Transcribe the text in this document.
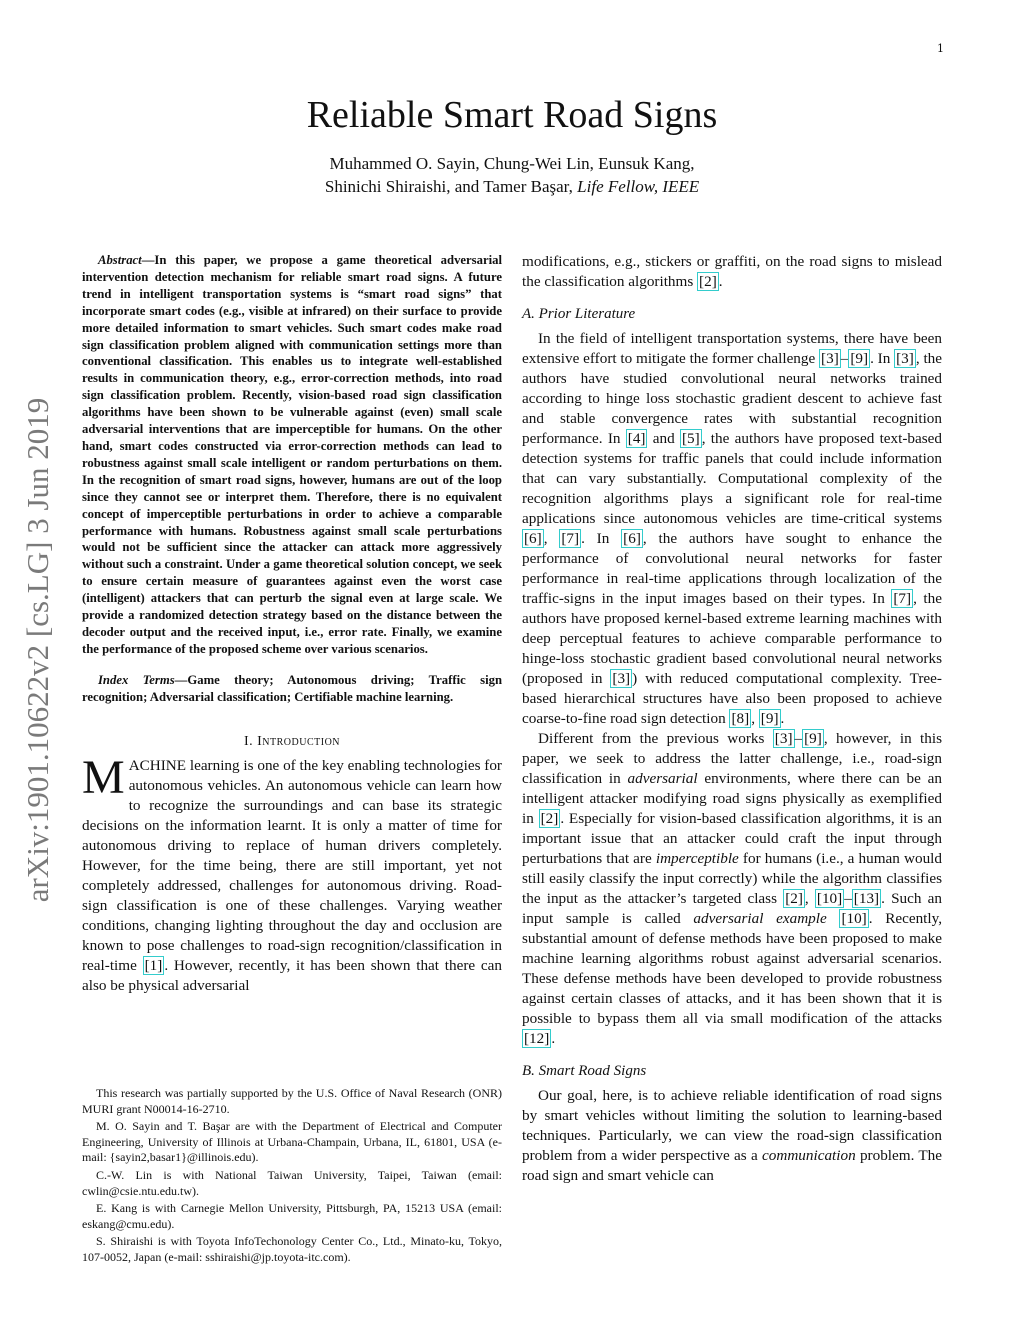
1
arXiv:1901.10622v2 [cs.LG] 3 Jun 2019
Reliable Smart Road Signs
Muhammed O. Sayin, Chung-Wei Lin, Eunsuk Kang,
Shinichi Shiraishi, and Tamer Başar, Life Fellow, IEEE

Abstract—In this paper, we propose a game theoretical adversarial intervention detection mechanism for reliable smart road signs. A future trend in intelligent transportation systems is “smart road signs” that incorporate smart codes (e.g., visible at infrared) on their surface to provide more detailed information to smart vehicles. Such smart codes make road sign classification problem aligned with communication settings more than conventional classification. This enables us to integrate well-established results in communication theory, e.g., error-correction methods, into road sign classification problem. Recently, vision-based road sign classification algorithms have been shown to be vulnerable against (even) small scale adversarial interventions that are imperceptible for humans. On the other hand, smart codes constructed via error-correction methods can lead to robustness against small scale intelligent or random perturbations on them. In the recognition of smart road signs, however, humans are out of the loop since they cannot see or interpret them. Therefore, there is no equivalent concept of imperceptible perturbations in order to achieve a comparable performance with humans. Robustness against small scale perturbations would not be sufficient since the attacker can attack more aggressively without such a constraint. Under a game theoretical solution concept, we seek to ensure certain measure of guarantees against even the worst case (intelligent) attackers that can perturb the signal even at large scale. We provide a randomized detection strategy based on the distance between the decoder output and the received input, i.e., error rate. Finally, we examine the performance of the proposed scheme over various scenarios.

Index Terms—Game theory; Autonomous driving; Traffic sign recognition; Adversarial classification; Certifiable machine learning.

I. Introduction

MACHINE learning is one of the key enabling technologies for autonomous vehicles. An autonomous vehicle can learn how to recognize the surroundings and can base its strategic decisions on the information learnt. It is only a matter of time for autonomous driving to replace of human drivers completely. However, for the time being, there are still important, yet not completely addressed, challenges for autonomous driving. Road-sign classification is one of these challenges. Varying weather conditions, changing lighting throughout the day and occlusion are known to pose challenges to road-sign recognition/classification in real-time [1] . However, recently, it has been shown that there can also be physical adversarial

This research was partially supported by the U.S. Office of Naval Research (ONR) MURI grant N00014-16-2710.

M. O. Sayin and T. Başar are with the Department of Electrical and Computer Engineering, University of Illinois at Urbana-Champain, Urbana, IL, 61801, USA (e-mail: {sayin2,basar1}@illinois.edu).

C.-W. Lin is with National Taiwan University, Taipei, Taiwan (email: cwlin@csie.ntu.edu.tw).

E. Kang is with Carnegie Mellon University, Pittsburgh, PA, 15213 USA (email: eskang@cmu.edu).

S. Shiraishi is with Toyota InfoTechonology Center Co., Ltd., Minato-ku, Tokyo, 107-0052, Japan (e-mail: sshiraishi@jp.toyota-itc.com).

modifications, e.g., stickers or graffiti, on the road signs to mislead the classification algorithms [2] .

A. Prior Literature

In the field of intelligent transportation systems, there have been extensive effort to mitigate the former challenge [3] – [9] . In [3] , the authors have studied convolutional neural networks trained according to hinge loss stochastic gradient descent to achieve fast and stable convergence rates with substantial recognition performance. In [4] and [5] , the authors have proposed text-based detection systems for traffic panels that could include information that can vary substantially. Computational complexity of the recognition algorithms plays a significant role for real-time applications since autonomous vehicles are time-critical systems [6] , [7] . In [6] , the authors have sought to enhance the performance of convolutional neural networks for faster performance in real-time applications through localization of the traffic-signs in the input images based on their types. In [7] , the authors have proposed kernel-based extreme learning machines with deep perceptual features to achieve comparable performance to hinge-loss stochastic gradient based convolutional neural networks (proposed in [3] ) with reduced computational complexity. Tree-based hierarchical structures have also been proposed to achieve coarse-to-fine road sign detection [8] , [9] .

Different from the previous works [3] – [9] , however, in this paper, we seek to address the latter challenge, i.e., road-sign classification in adversarial environments, where there can be an intelligent attacker modifying road signs physically as exemplified in [2] . Especially for vision-based classification algorithms, it is an important issue that an attacker could craft the input through perturbations that are imperceptible for humans (i.e., a human would still easily classify the input correctly) while the algorithm classifies the input as the attacker’s targeted class [2] , [10] – [13] . Such an input sample is called adversarial example [10] . Recently, substantial amount of defense methods have been proposed to make machine learning algorithms robust against adversarial scenarios. These defense methods have been developed to provide robustness against certain classes of attacks, and it has been shown that it is possible to bypass them all via small modification of the attacks [12] .

B. Smart Road Signs

Our goal, here, is to achieve reliable identification of road signs by smart vehicles without limiting the solution to learning-based techniques. Particularly, we can view the road-sign classification problem from a wider perspective as a communication problem. The road sign and smart vehicle can
